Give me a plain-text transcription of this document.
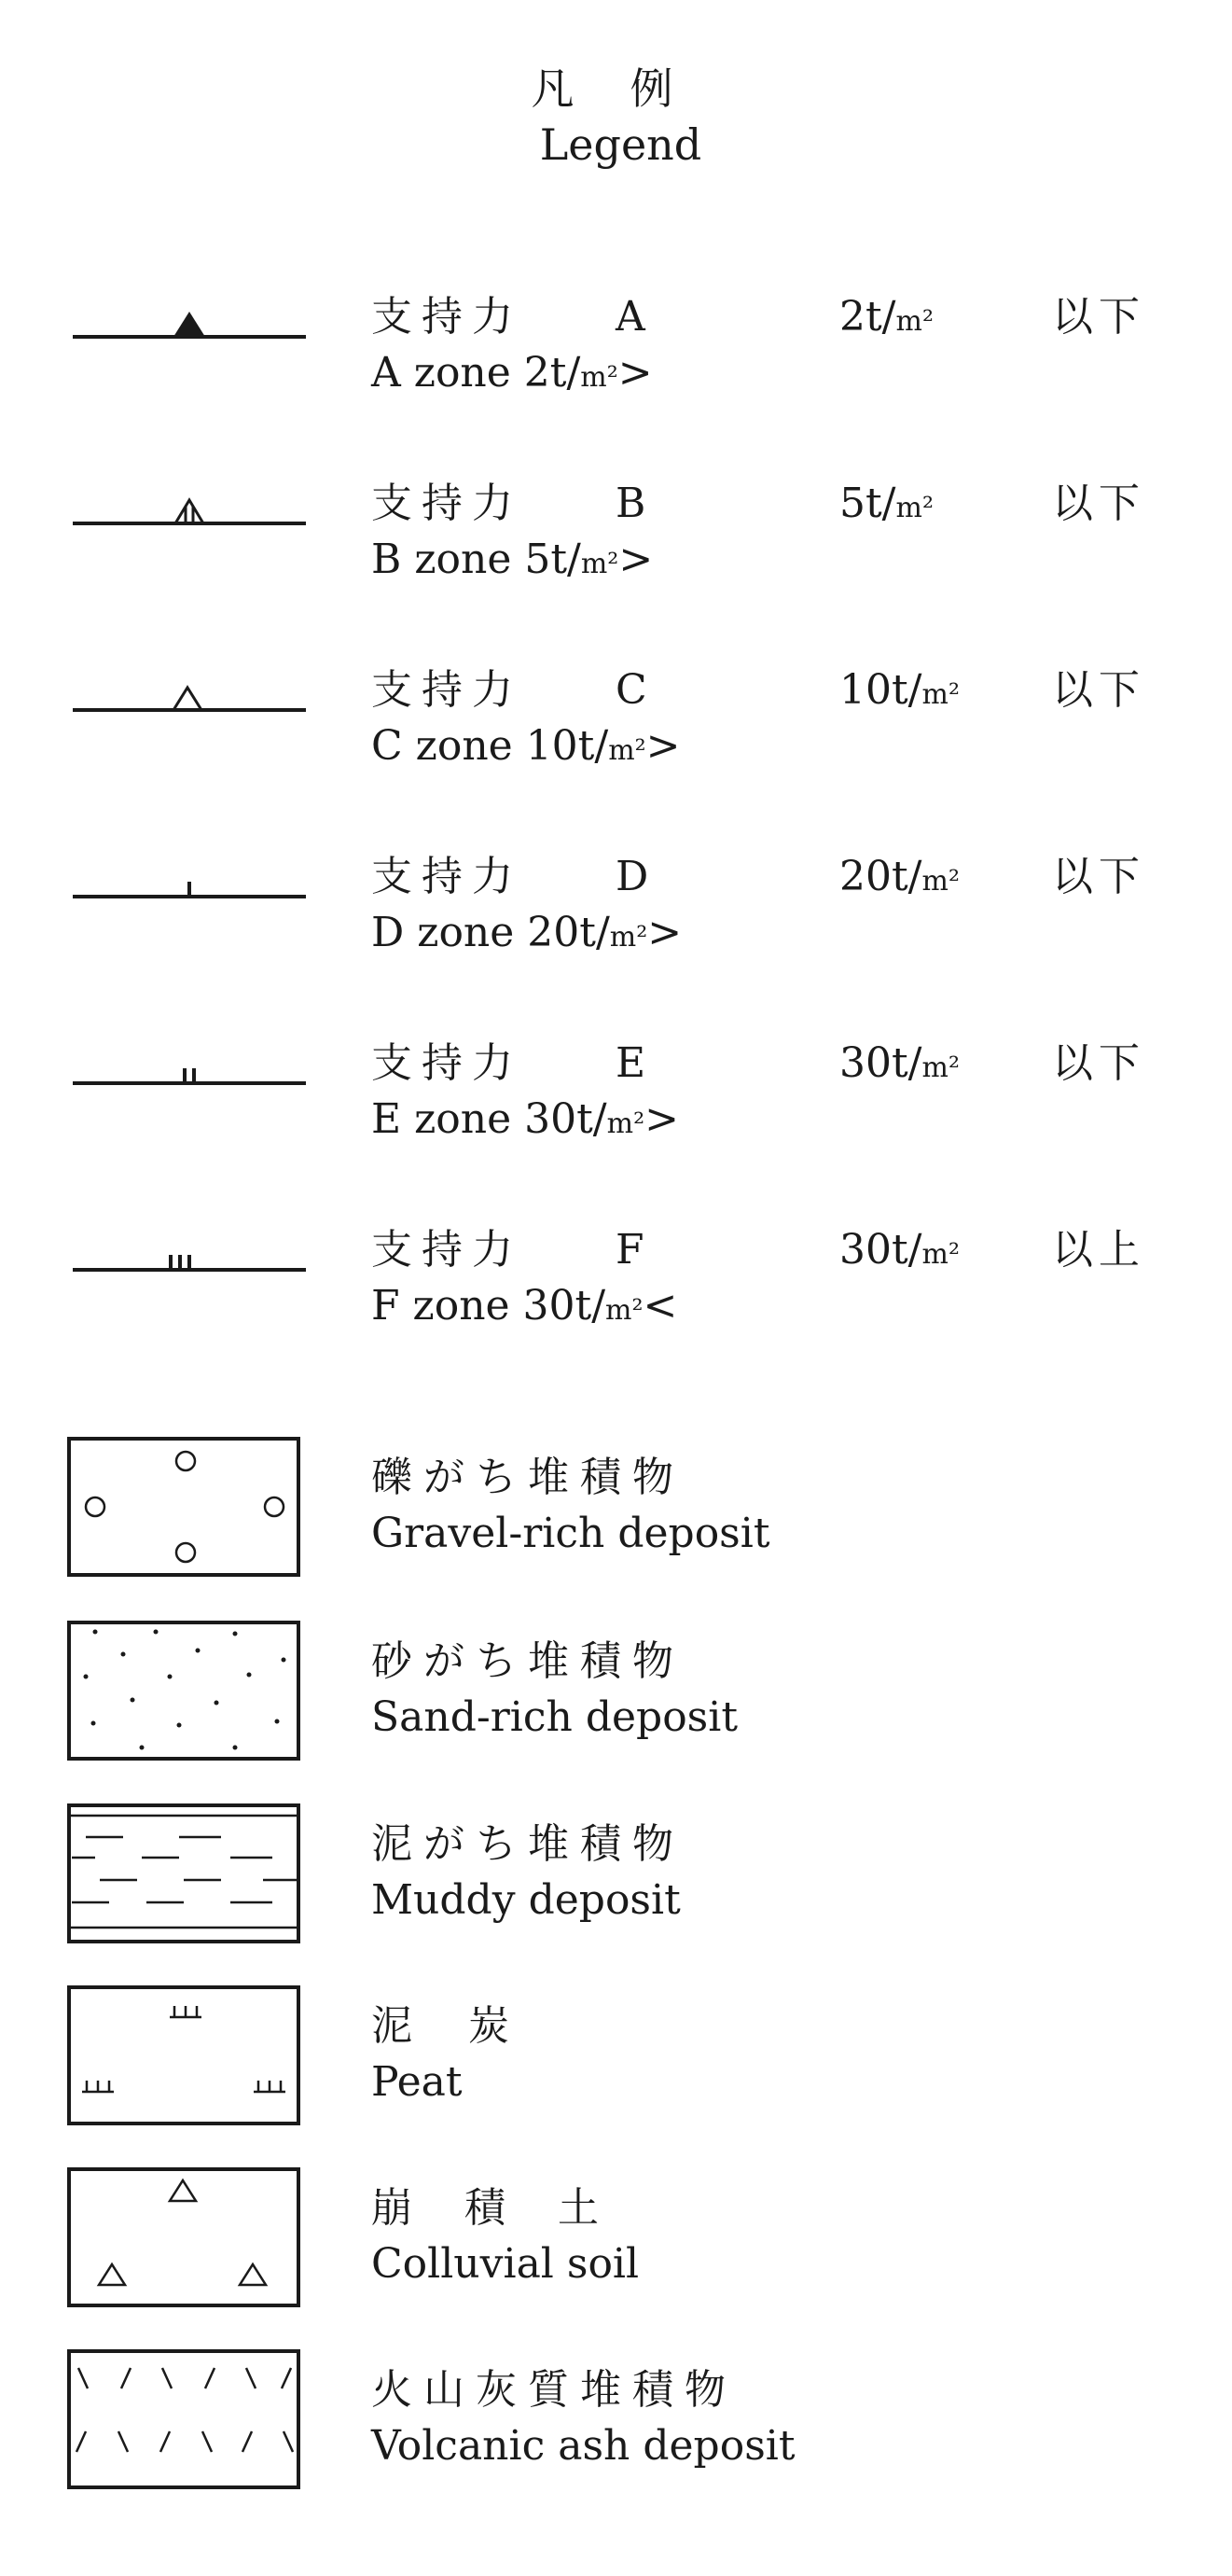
凡例
Legend
支持力 A	2t/m²	以下
A zone 2t/m²>
支持力 B	5t/m²	以下
B zone 5t/m²>
支持力 C	10t/m² 以下
C zone 10t/m²>
支持力 D	20t/m² 以下
D zone 20t/m²>
支持力 E	30t/m² 以下
E zone 30t/m²>
支持力 F	30t/m² 以上
F zone 30t/m²<
礫がち堆積物
Gravel-rich deposit
砂がち堆積物
Sand-rich deposit
泥がち堆積物
Muddy deposit
泥炭
Peat
崩積土
Colluvial soil
火山灰質堆積物
Volcanic ash deposit
